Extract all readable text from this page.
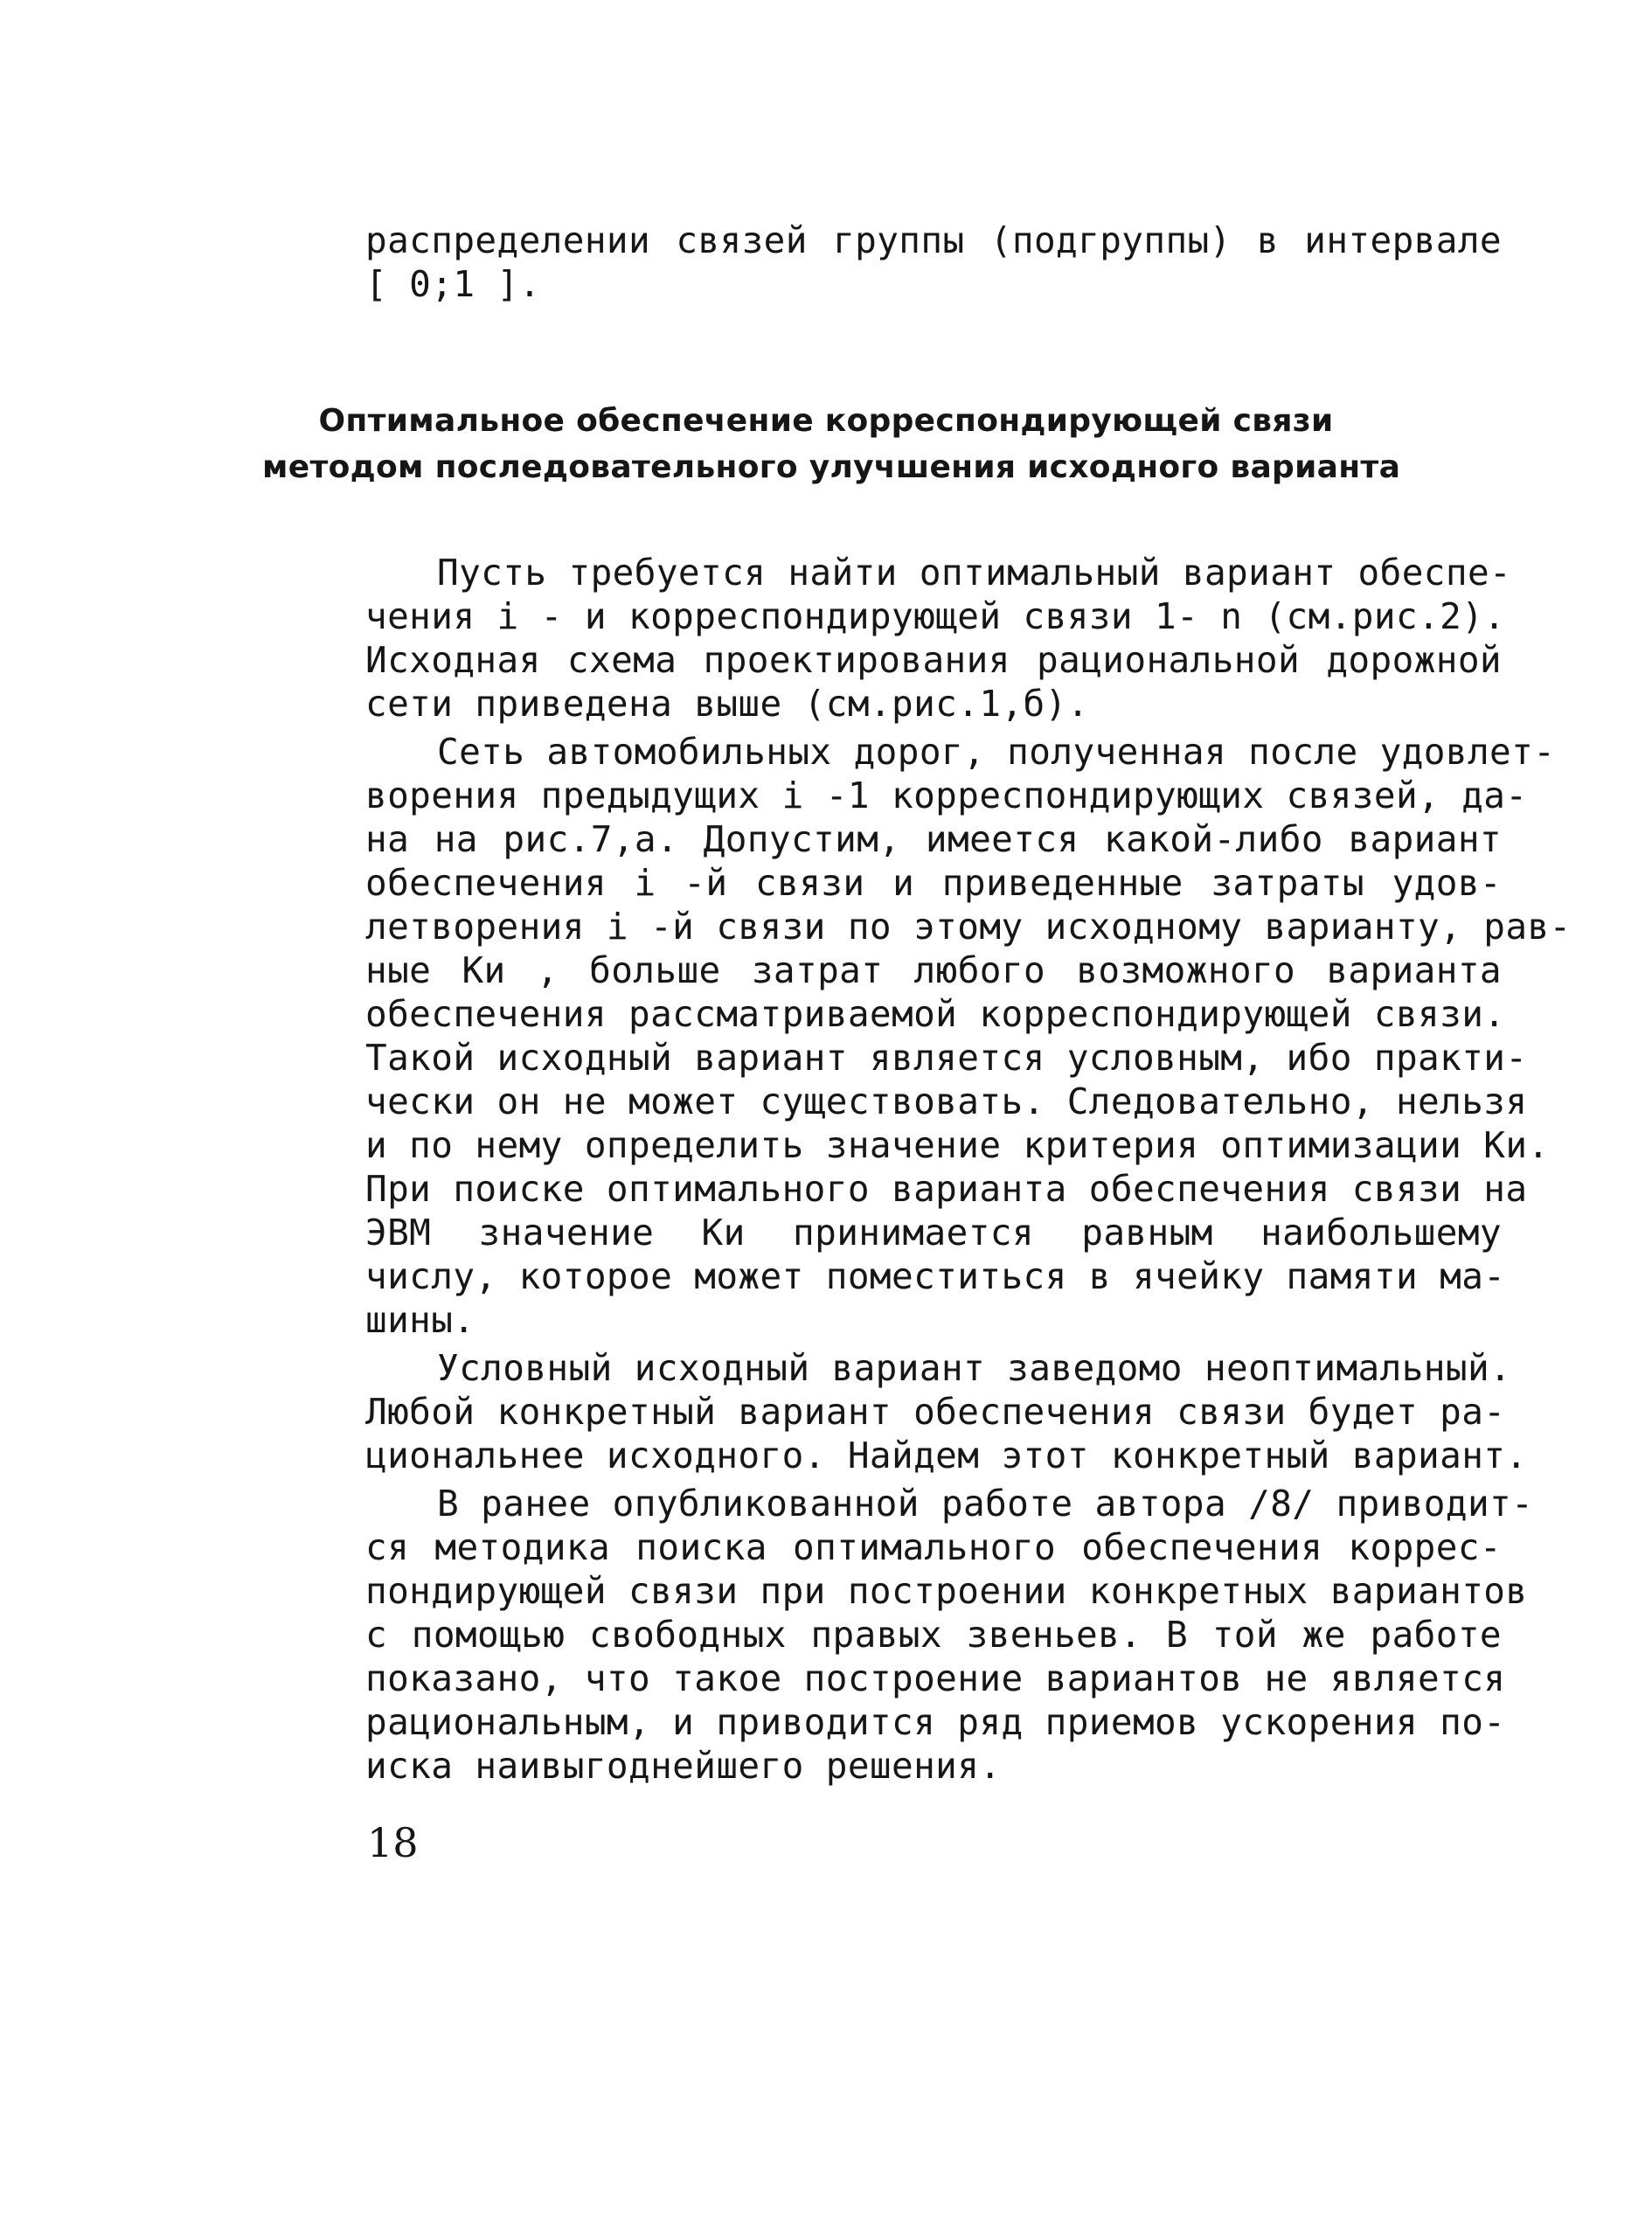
распределении связей группы (подгруппы) в интервале
[ 0;1 ].
Оптимальное обеспечение корреспондирующей связи
методом последовательного улучшения исходного варианта
Пусть требуется найти оптимальный вариант обеспе-
чения i - и корреспондирующей связи 1- n (см.рис.2).
Исходная схема проектирования рациональной дорожной
сети приведена выше (см.рис.1,б).
Сеть автомобильных дорог, полученная после удовлет-
ворения предыдущих i -1 корреспондирующих связей, да-
на на рис.7,а. Допустим, имеется какой-либо вариант
обеспечения i -й связи и приведенные затраты удов-
летворения i -й связи по этому исходному варианту, рав-
ные Ки , больше затрат любого возможного варианта
обеспечения рассматриваемой корреспондирующей связи.
Такой исходный вариант является условным, ибо практи-
чески он не может существовать. Следовательно, нельзя
и по нему определить значение критерия оптимизации Ки.
При поиске оптимального варианта обеспечения связи на
ЭВМ значение Ки принимается равным наибольшему
числу, которое может поместиться в ячейку памяти ма-
шины.
Условный исходный вариант заведомо неоптимальный.
Любой конкретный вариант обеспечения связи будет ра-
циональнее исходного. Найдем этот конкретный вариант.
В ранее опубликованной работе автора /8/ приводит-
ся методика поиска оптимального обеспечения коррес-
пондирующей связи при построении конкретных вариантов
с помощью свободных правых звеньев. В той же работе
показано, что такое построение вариантов не является
рациональным, и приводится ряд приемов ускорения по-
иска наивыгоднейшего решения.
18
